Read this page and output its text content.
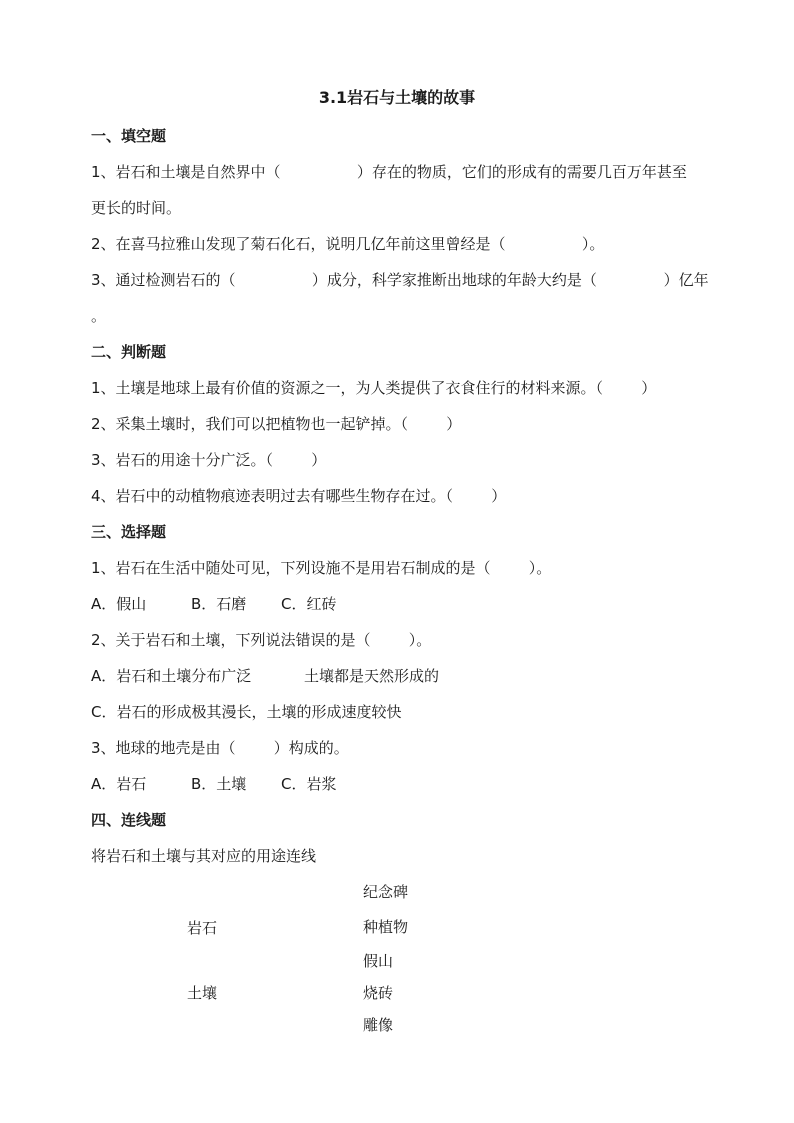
3.1岩石与土壤的故事
一、填空题
1、岩石和土壤是自然界中（                ）存在的物质，它们的形成有的需要几百万年甚至
更长的时间。
2、在喜马拉雅山发现了菊石化石，说明几亿年前这里曾经是（                ）。
3、通过检测岩石的（                ）成分，科学家推断出地球的年龄大约是（              ）亿年
。
二、判断题
1、土壤是地球上最有价值的资源之一，为人类提供了衣食住行的材料来源。（        ）
2、采集土壤时，我们可以把植物也一起铲掉。（        ）
3、岩石的用途十分广泛。（        ）
4、岩石中的动植物痕迹表明过去有哪些生物存在过。（        ）
三、选择题
1、岩石在生活中随处可见，下列设施不是用岩石制成的是（        ）。
A．假山	B．石磨 C．红砖
2、关于岩石和土壤，下列说法错误的是（        ）。
A．岩石和土壤分布广泛	土壤都是天然形成的
C．岩石的形成极其漫长，土壤的形成速度较快
3、地球的地壳是由（        ）构成的。
A．岩石	B．土壤 C．岩浆
四、连线题
将岩石和土壤与其对应的用途连线
岩石
土壤
纪念碑
种植物
假山
烧砖
雕像
